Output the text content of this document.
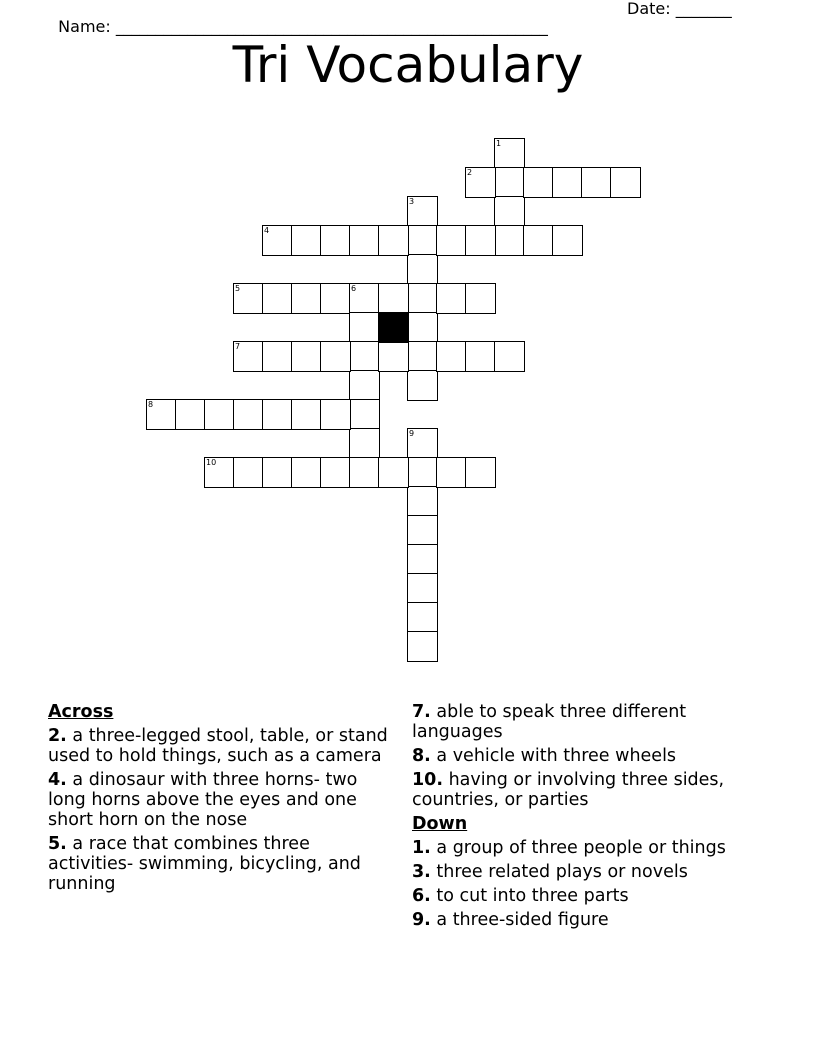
Name: ______________________________________________________

Date: _______

Tri Vocabulary
1
2
3
4
5	6
7
8
9
10
Across
2. a three-legged stool, table, or stand used to hold things, such as a camera
4. a dinosaur with three horns- two long horns above the eyes and one short horn on the nose
5. a race that combines three activities- swimming, bicycling, and running
7. able to speak three different languages
8. a vehicle with three wheels
10. having or involving three sides, countries, or parties
Down
1. a group of three people or things
3. three related plays or novels
6. to cut into three parts
9. a three-sided figure
